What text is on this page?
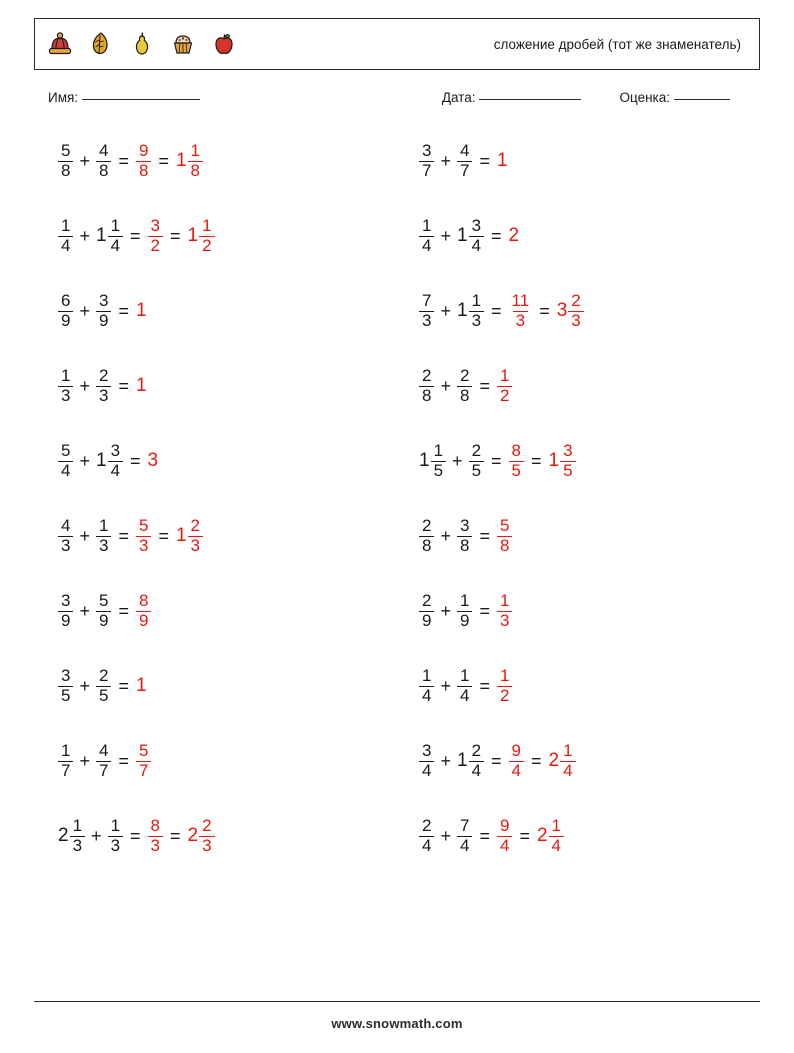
сложение дробей (тот же знаменатель)
Имя:	Дата:	Оценка:
$\frac{5}{8} + \frac{4}{8} = \frac{9}{8} = 1 \frac{1}{8}$	$\frac{3}{7} + \frac{4}{7} = 1$
$\frac{1}{4} + 1 \frac{1}{4} = \frac{3}{2} = 1 \frac{1}{2}$	$\frac{1}{4} + 1 \frac{3}{4} = 2$
$\frac{6}{9} + \frac{3}{9} = 1$	$\frac{7}{3} + 1 \frac{1}{3} = \frac{11}{3} = 3 \frac{2}{3}$
$\frac{1}{3} + \frac{2}{3} = 1$	$\frac{2}{8} + \frac{2}{8} = \frac{1}{2}$
$\frac{5}{4} + 1 \frac{3}{4} = 3$	$1 \frac{1}{5} + \frac{2}{5} = \frac{8}{5} = 1 \frac{3}{5}$
$\frac{4}{3} + \frac{1}{3} = \frac{5}{3} = 1 \frac{2}{3}$	$\frac{2}{8} + \frac{3}{8} = \frac{5}{8}$
$\frac{3}{9} + \frac{5}{9} = \frac{8}{9}$	$\frac{2}{9} + \frac{1}{9} = \frac{1}{3}$
$\frac{3}{5} + \frac{2}{5} = 1$	$\frac{1}{4} + \frac{1}{4} = \frac{1}{2}$
$\frac{1}{7} + \frac{4}{7} = \frac{5}{7}$	$\frac{3}{4} + 1 \frac{2}{4} = \frac{9}{4} = 2 \frac{1}{4}$
$2 \frac{1}{3} + \frac{1}{3} = \frac{8}{3} = 2 \frac{2}{3}$	$\frac{2}{4} + \frac{7}{4} = \frac{9}{4} = 2 \frac{1}{4}$
www.snowmath.com
